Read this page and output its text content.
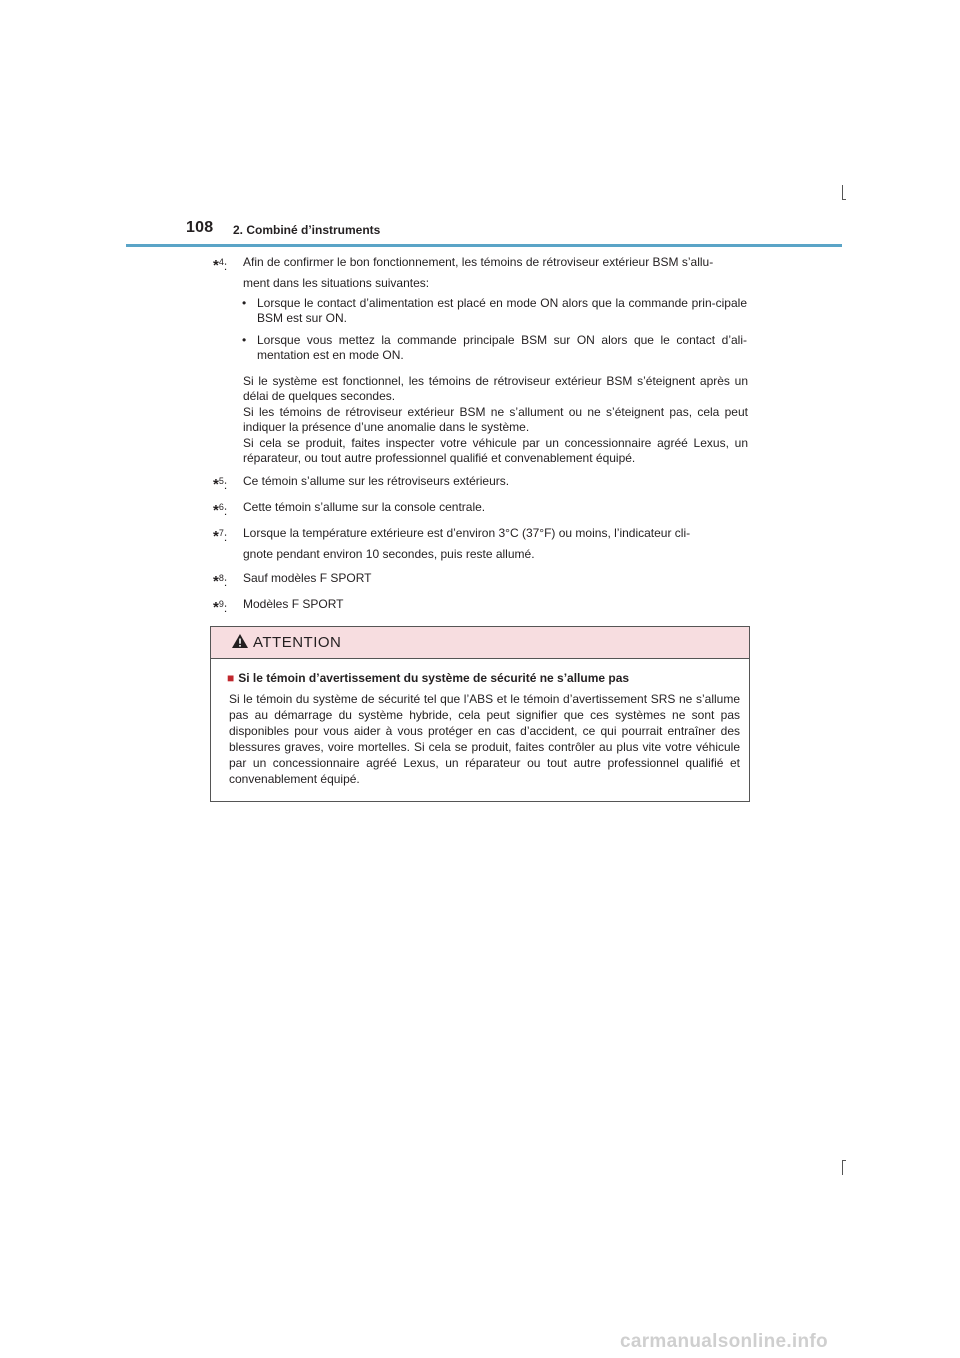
108 2. Combiné d’instruments
*$^4$: Afin de confirmer le bon fonctionnement, les témoins de rétroviseur extérieur BSM s’allu-
ment dans les situations suivantes:
• Lorsque le contact d’alimentation est placé en mode ON alors que la commande prin-cipale BSM est sur ON.
• Lorsque vous mettez la commande principale BSM sur ON alors que le contact d’ali-mentation est en mode ON.
Si le système est fonctionnel, les témoins de rétroviseur extérieur BSM s’éteignent après un délai de quelques secondes.
Si les témoins de rétroviseur extérieur BSM ne s’allument ou ne s’éteignent pas, cela peut indiquer la présence d’une anomalie dans le système.
Si cela se produit, faites inspecter votre véhicule par un concessionnaire agréé Lexus, un réparateur, ou tout autre professionnel qualifié et convenablement équipé.
*$^5$: Ce témoin s’allume sur les rétroviseurs extérieurs.
*$^6$: Cette témoin s’allume sur la console centrale.
*$^7$: Lorsque la température extérieure est d’environ 3°C (37°F) ou moins, l’indicateur cli-
gnote pendant environ 10 secondes, puis reste allumé.
*$^8$: Sauf modèles F SPORT
*$^9$: Modèles F SPORT
ATTENTION
■ Si le témoin d’avertissement du système de sécurité ne s’allume pas
Si le témoin du système de sécurité tel que l’ABS et le témoin d’avertissement SRS ne s’allume pas au démarrage du système hybride, cela peut signifier que ces systèmes ne sont pas disponibles pour vous aider à vous protéger en cas d’accident, ce qui pourrait entraîner des blessures graves, voire mortelles. Si cela se produit, faites contrôler au plus vite votre véhicule par un concessionnaire agréé Lexus, un réparateur ou tout autre professionnel qualifié et convenablement équipé.
carmanualsonline.info
